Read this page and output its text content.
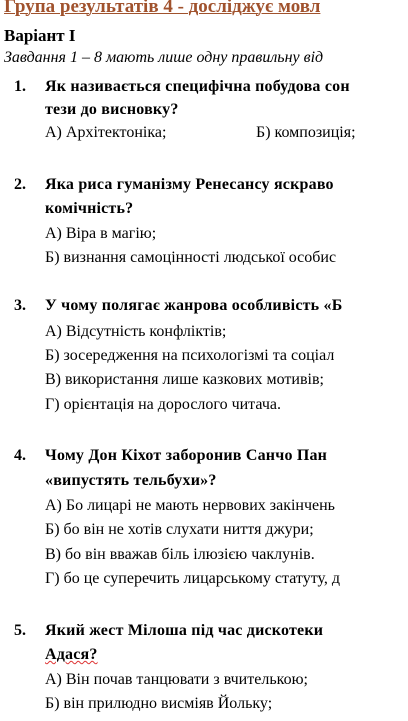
Група результатів 4 - досліджує мовл
Варіант І
Завдання 1 – 8 мають лише одну правильну від
1. Як називається специфічна побудова сон
тези до висновку?
А) Архітектоніка;	Б) композиція;
2. Яка риса гуманізму Ренесансу яскраво
комічність?
А) Віра в магію;
Б) визнання самоцінності людської особис
3. У чому полягає жанрова особливість «Б
А) Відсутність конфліктів;
Б) зосередження на психологізмі та соціал
В) використання лише казкових мотивів;
Г) орієнтація на дорослого читача.
4. Чому Дон Кіхот заборонив Санчо Пан
«випустять тельбухи»?
А) Бо лицарі не мають нервових закінчень
Б) бо він не хотів слухати ниття джури;
В) бо він вважав біль ілюзією чаклунів.
Г) бо це суперечить лицарському статуту, д
5. Який жест Мілоша під час дискотеки
Адася?
А) Він почав танцювати з вчителькою;
Б) він прилюдно висміяв Йольку;
